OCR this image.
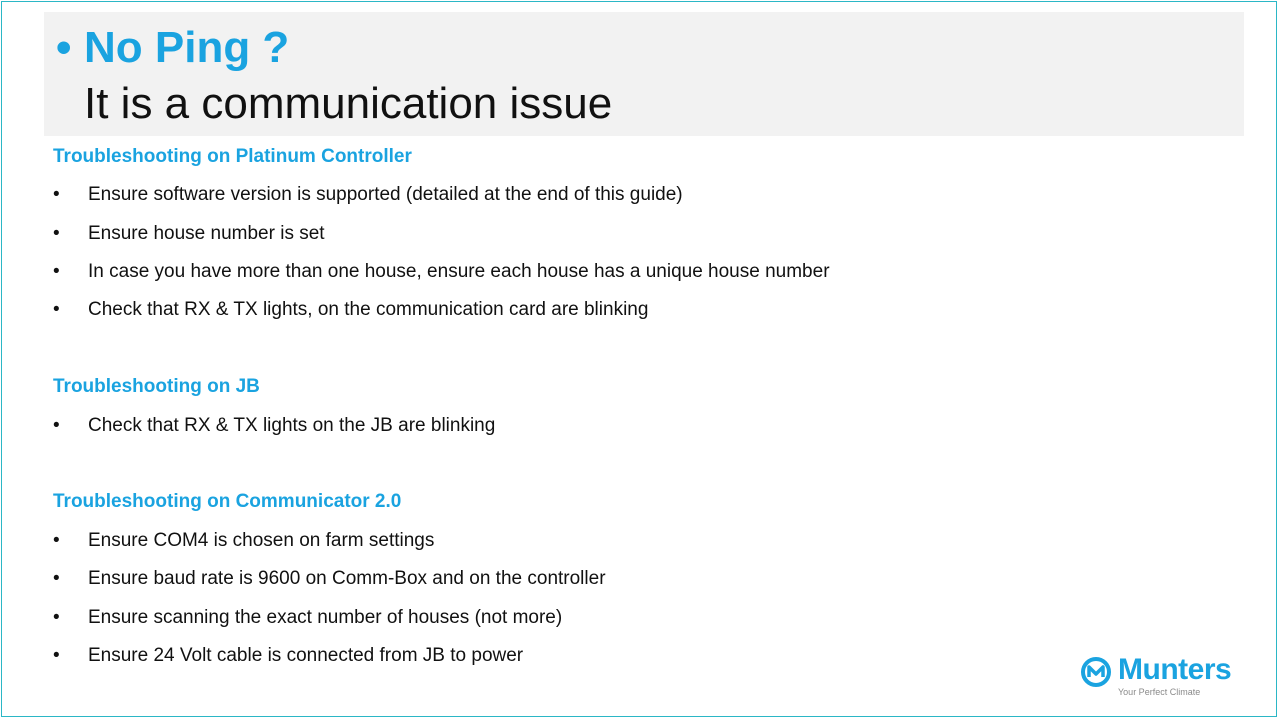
• No Ping ?
It is a communication issue
Troubleshooting on Platinum Controller
• Ensure software version is supported (detailed at the end of this guide)
• Ensure house number is set
• In case you have more than one house, ensure each house has a unique house number
• Check that RX & TX lights, on the communication card are blinking
Troubleshooting on JB
• Check that RX & TX lights on the JB are blinking
Troubleshooting on Communicator 2.0
• Ensure COM4 is chosen on farm settings
• Ensure baud rate is 9600 on Comm-Box and on the controller
• Ensure scanning the exact number of houses (not more)
• Ensure 24 Volt cable is connected from JB to power	Munters
Your Perfect Climate
